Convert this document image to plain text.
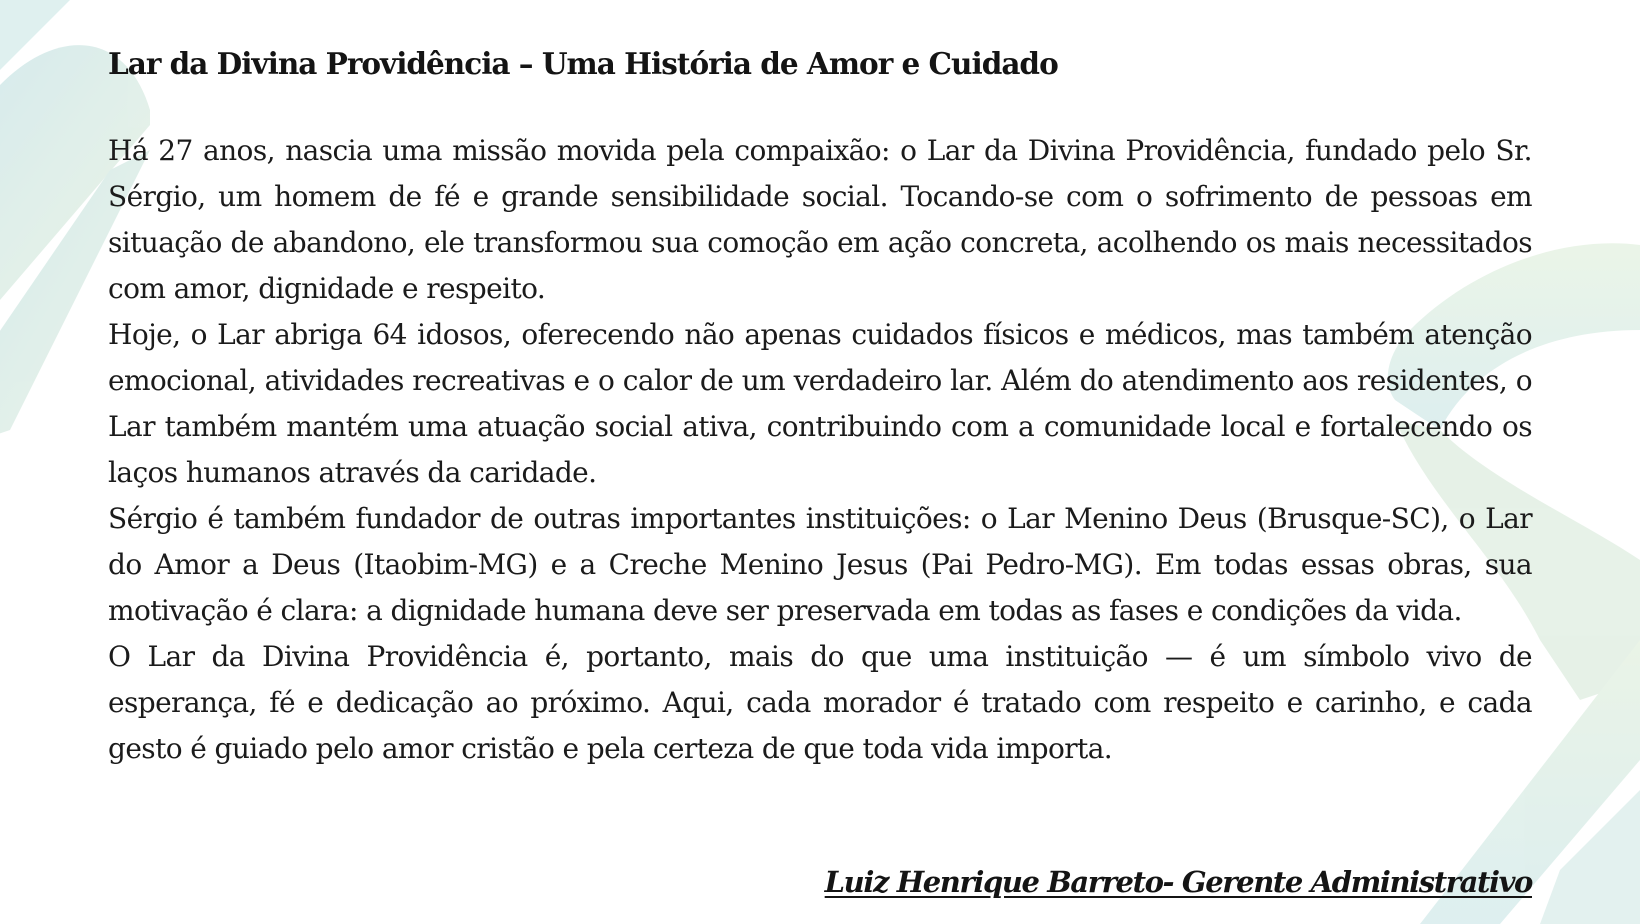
Lar da Divina Providência – Uma História de Amor e Cuidado

Há 27 anos, nascia uma missão movida pela compaixão: o Lar da Divina Providência, fundado pelo Sr. Sérgio, um homem de fé e grande sensibilidade social. Tocando-se com o sofrimento de pessoas em situação de abandono, ele transformou sua comoção em ação concreta, acolhendo os mais necessitados com amor, dignidade e respeito.

Hoje, o Lar abriga 64 idosos, oferecendo não apenas cuidados físicos e médicos, mas também atenção emocional, atividades recreativas e o calor de um verdadeiro lar. Além do atendimento aos residentes, o Lar também mantém uma atuação social ativa, contribuindo com a comunidade local e fortalecendo os laços humanos através da caridade.

Sérgio é também fundador de outras importantes instituições: o Lar Menino Deus (Brusque-SC), o Lar do Amor a Deus (Itaobim-MG) e a Creche Menino Jesus (Pai Pedro-MG). Em todas essas obras, sua motivação é clara: a dignidade humana deve ser preservada em todas as fases e condições da vida.

O Lar da Divina Providência é, portanto, mais do que uma instituição — é um símbolo vivo de esperança, fé e dedicação ao próximo. Aqui, cada morador é tratado com respeito e carinho, e cada gesto é guiado pelo amor cristão e pela certeza de que toda vida importa.

Luiz Henrique Barreto- Gerente Administrativo
